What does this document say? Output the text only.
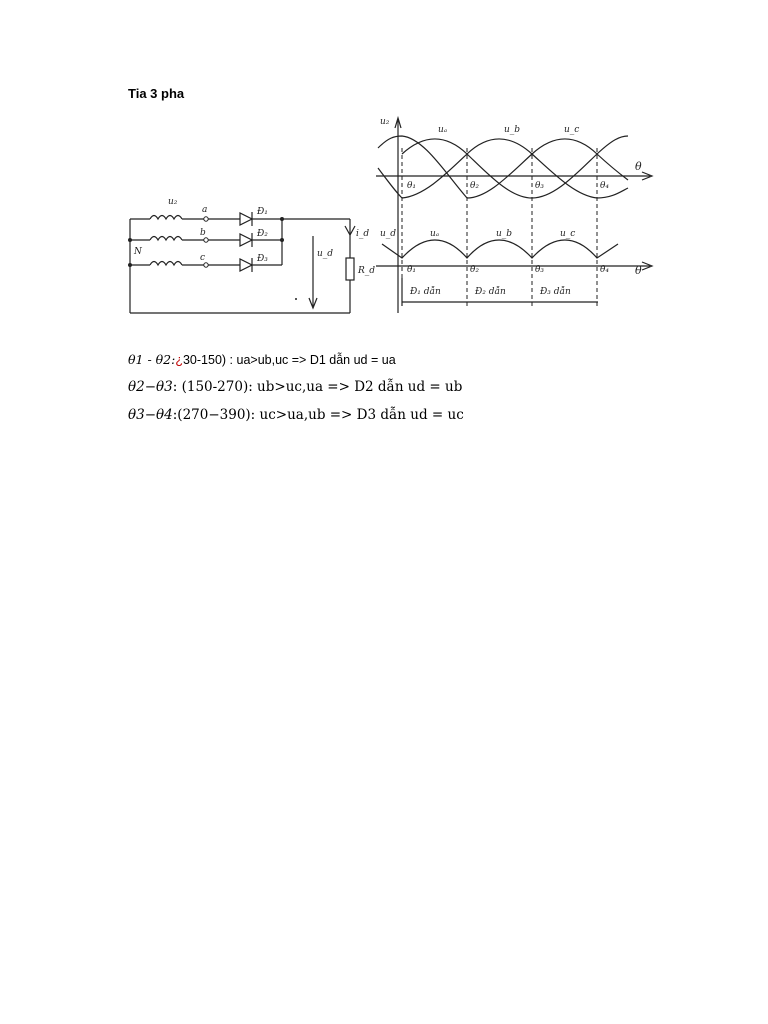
Tia 3 pha
u₂
a
b
c
N
Đ₁
Đ₂
Đ₃	u_d
i_d
R_d
u₂
uₐ	u_b	u_c
θ
θ₁	θ₂	θ₃	θ₄
u_d	uₐ	u_b	u_c
θ
θ₁	θ₂	θ₃	θ₄
Đ₁ dẫn	Đ₂ dẫn	Đ₃ dẫn
θ1 - θ2:¿30-150) : ua>ub,uc => D1 dẫn ud = ua
θ2−θ3: (150-270): ub>uc,ua => D2 dẫn ud = ub
θ3−θ4:(270−390): uc>ua,ub => D3 dẫn ud = uc
